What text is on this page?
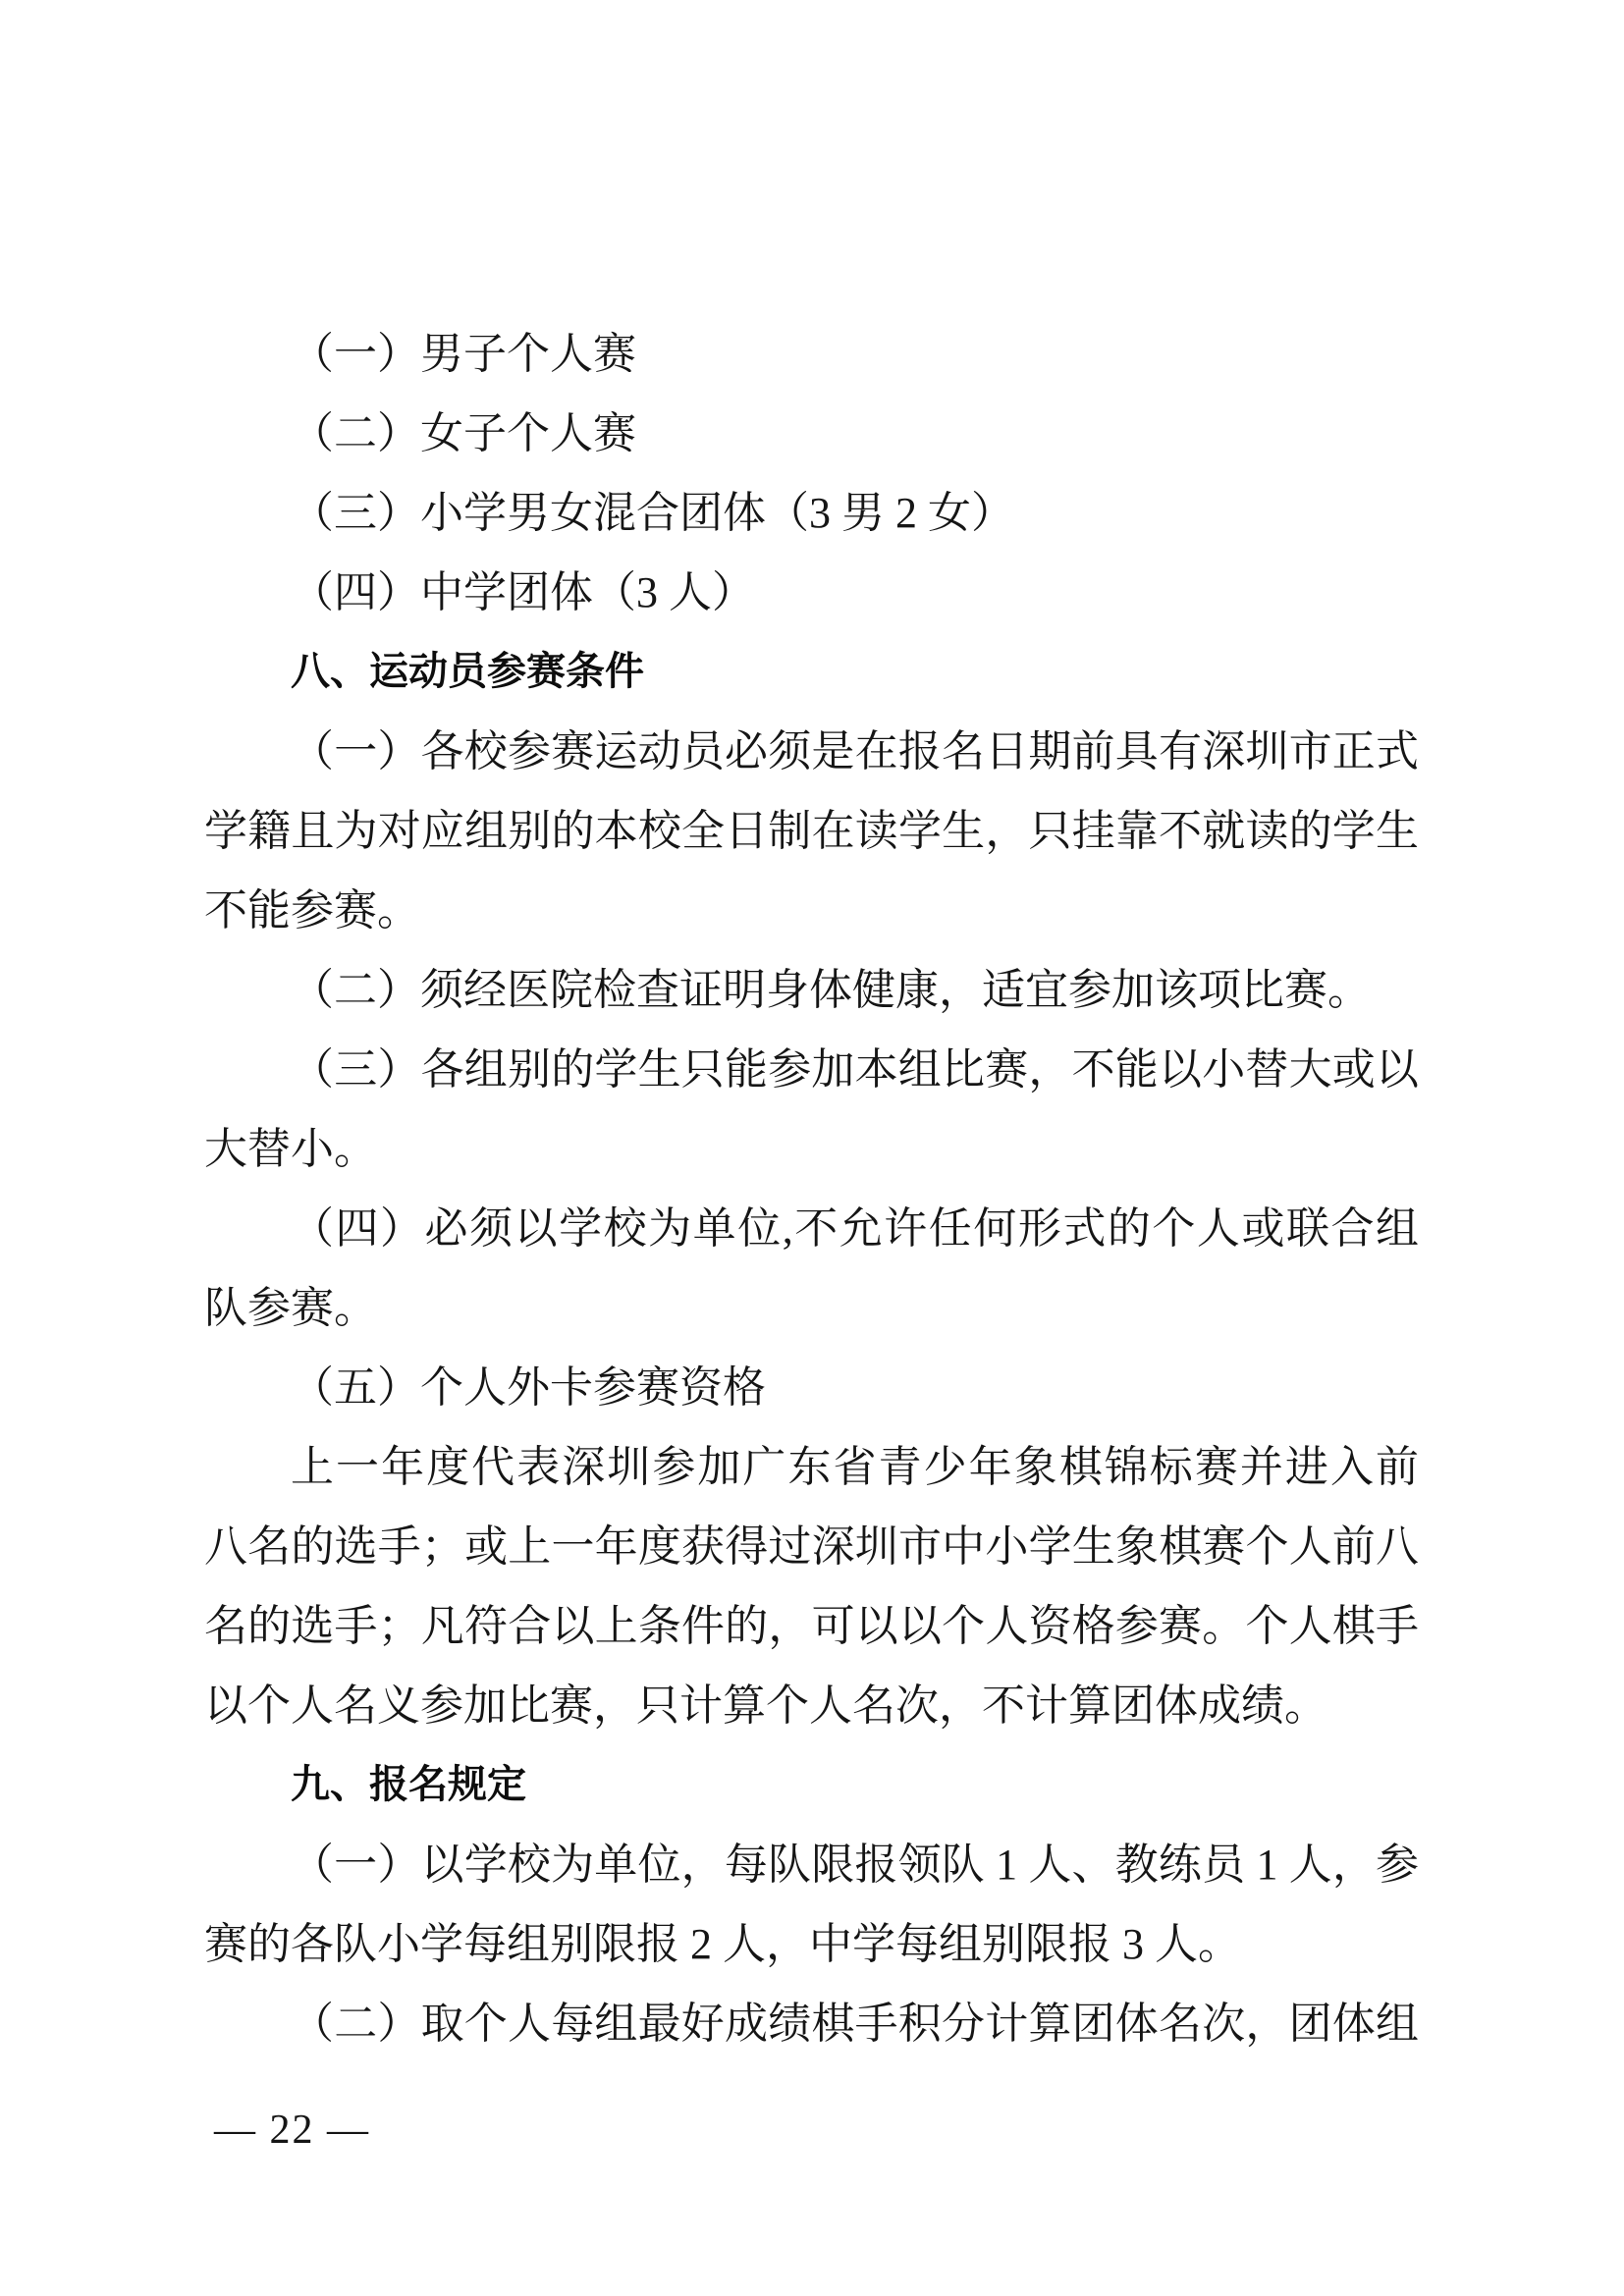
（一）男子个人赛
（二）女子个人赛
（三）小学男女混合团体（3 男 2 女）
（四）中学团体（3 人）
八、运动员参赛条件
（一）各校参赛运动员必须是在报名日期前具有深圳市正式
学籍且为对应组别的本校全日制在读学生，只挂靠不就读的学生
不能参赛。
（二）须经医院检查证明身体健康，适宜参加该项比赛。
（三）各组别的学生只能参加本组比赛，不能以小替大或以
大替小。
（四）必须以学校为单位,不允许任何形式的个人或联合组
队参赛。
（五）个人外卡参赛资格
上一年度代表深圳参加广东省青少年象棋锦标赛并进入前
八名的选手；或上一年度获得过深圳市中小学生象棋赛个人前八
名的选手；凡符合以上条件的，可以以个人资格参赛。个人棋手
以个人名义参加比赛，只计算个人名次，不计算团体成绩。
九、报名规定
（一）以学校为单位，每队限报领队 1 人、教练员 1 人，参
赛的各队小学每组别限报 2 人，中学每组别限报 3 人。
（二）取个人每组最好成绩棋手积分计算团体名次，团体组
— 22 —
